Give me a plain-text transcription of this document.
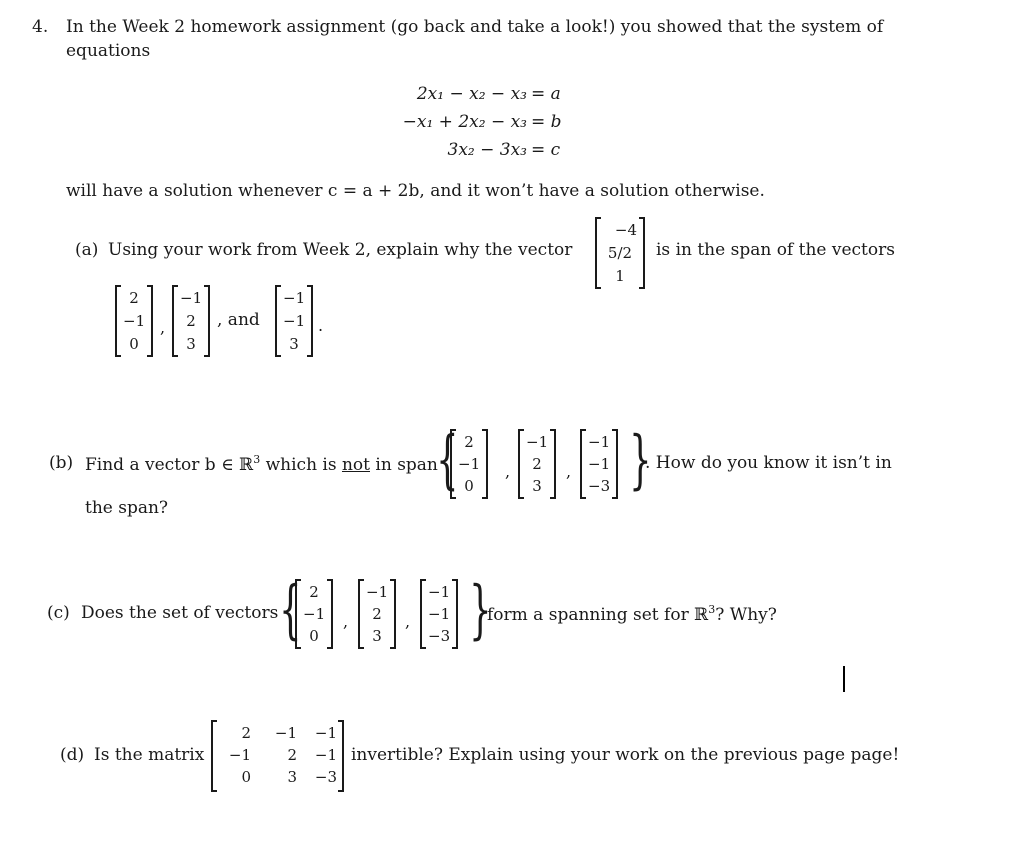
4. In the Week 2 homework assignment (go back and take a look!) you showed that the system of
equations
2x₁ − x₂ − x₃ = a
−x₁ + 2x₂ − x₃ = b
3x₂ − 3x₃ = c
will have a solution whenever c = a + 2b, and it won’t have a solution otherwise.
(a) Using your work from Week 2, explain why the vector
−4
5/2
1
is in the span of the vectors
2
−1
0
,
−1
2
3
, and
−1
−1
3
.
(b) Find a vector b ∈ ℝ$^3$ which is not in span
{ 2
−1
0
,
−1
2
3
,
−1
−1
−3 }
. How do you know it isn’t in
the span?
(c) Does the set of vectors { 2
−1
0
,
−1
2
3
,
−1
−1
−3 }
form a spanning set for ℝ$^3$? Why?
(d) Is the matrix
2	−1	−1
−1	2	−1
0	3	−3
invertible? Explain using your work on the previous page page!
